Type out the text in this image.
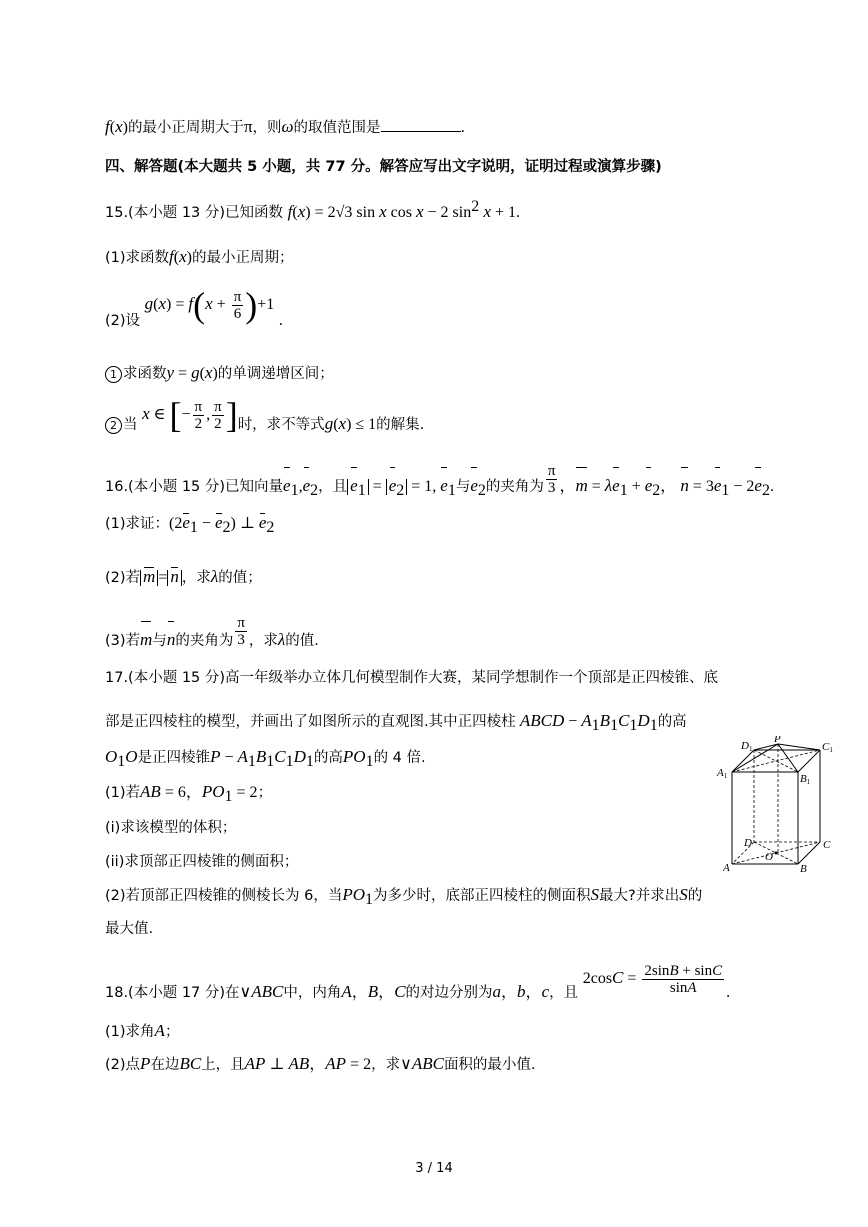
f(x)的最小正周期大于π，则ω的取值范围是	.
四、解答题(本大题共 5 小题，共 77 分。解答应写出文字说明，证明过程或演算步骤)
15.(本小题 13 分)已知函数 f(x) = 2√3 sin x cos x − 2 $\sin^2 x + 1$.
(1)求函数f(x)的最小正周期；
(2)设 $g(x) = f(x + \frac{\pi}{6} )+1$ .
1 求函数y = g(x)的单调递增区间；
2 当 x ∈ [− $\frac{\pi}{2}$ , $\frac{\pi}{2}$ ]时，求不等式g(x) ≤ 1的解集.
16.(本小题 15 分)已知向量$e_1,e_2$，且 $e_1 = e_2 = 1$, $e_1$与$e_2$的夹角为 $\frac{\pi}{3}$ ，$m = \lambda e_1 + e_2$， $n = 3e_1 - 2e_2$.
(1)求证：$(2e_1 - e_2)$ ⊥ $e_2$
(2)若 m = n ，求λ的值；
(3)若m与n的夹角为 $\frac{\pi}{3}$ ，求λ的值.
17.(本小题 15 分)高一年级举办立体几何模型制作大赛，某同学想制作一个顶部是正四棱锥、底
部是正四棱柱的模型，并画出了如图所示的直观图.其中正四棱柱 ABCD − $A_1B_1C_1D_1$的高
$O_1O$是正四棱锥$P - A_1B_1C_1D_1$的高$PO_1$的 4 倍.
(1)若AB = 6，$PO_1 = 2$；
(i)求该模型的体积；
(ii)求顶部正四棱锥的侧面积；
(2)若顶部正四棱锥的侧棱长为 6，当$PO_1$为多少时，底部正四棱柱的侧面积S最大?并求出S的
最大值.
D1
P
C1
A1	B1
D
O
C
A	B
18.(本小题 17 分)在∨ABC中，内角A，B，C的对边分别为a，b，c，且 $2\cos C = \frac{2\sin B + \sin C}{\sin A}$ .
(1)求角A；
(2)点P在边BC上，且AP ⊥ AB，AP = 2，求∨ABC面积的最小值.
3 / 14
